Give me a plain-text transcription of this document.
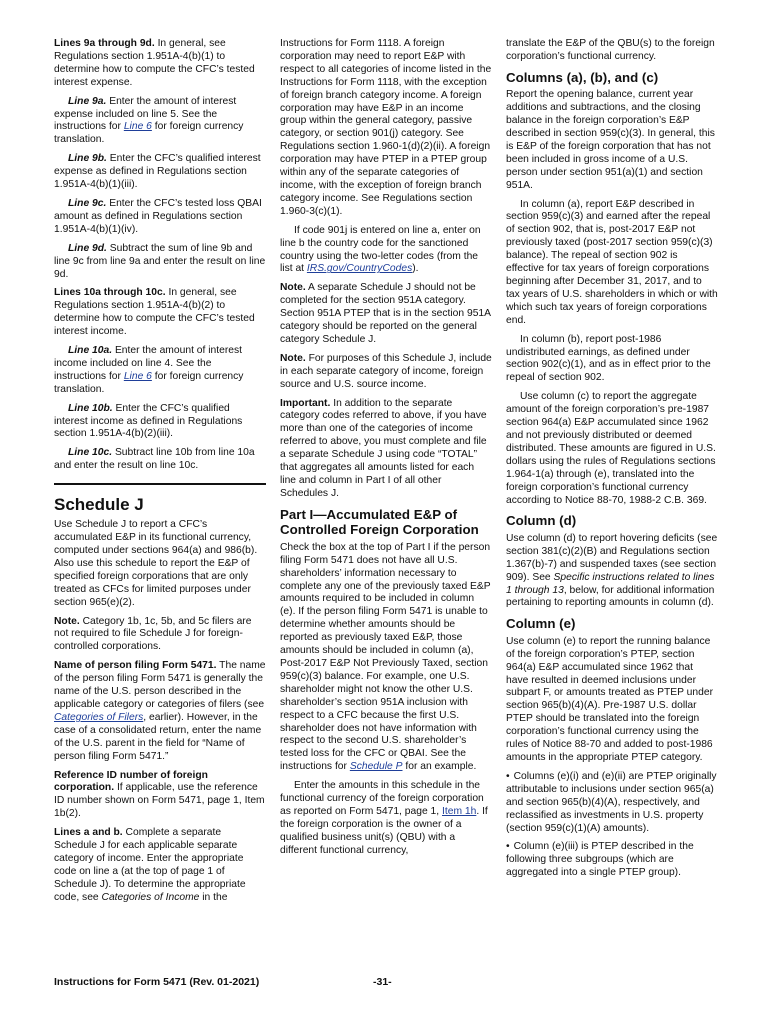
Lines 9a through 9d. In general, see Regulations section 1.951A-4(b)(1) to determine how to compute the CFC’s tested interest expense.

Line 9a. Enter the amount of interest expense included on line 5. See the instructions for Line 6 for foreign currency translation.

Line 9b. Enter the CFC’s qualified interest expense as defined in Regulations section 1.951A-4(b)(1)(iii).

Line 9c. Enter the CFC’s tested loss QBAI amount as defined in Regulations section 1.951A-4(b)(1)(iv).

Line 9d. Subtract the sum of line 9b and line 9c from line 9a and enter the result on line 9d.

Lines 10a through 10c. In general, see Regulations section 1.951A-4(b)(2) to determine how to compute the CFC’s tested interest income.

Line 10a. Enter the amount of interest income included on line 4. See the instructions for Line 6 for foreign currency translation.

Line 10b. Enter the CFC’s qualified interest income as defined in Regulations section 1.951A-4(b)(2)(iii).

Line 10c. Subtract line 10b from line 10a and enter the result on line 10c.

Schedule J

Use Schedule J to report a CFC’s accumulated E&P in its functional currency, computed under sections 964(a) and 986(b). Also use this schedule to report the E&P of specified foreign corporations that are only treated as CFCs for limited purposes under section 965(e)(2).

Note. Category 1b, 1c, 5b, and 5c filers are not required to file Schedule J for foreign-controlled corporations.

Name of person filing Form 5471. The name of the person filing Form 5471 is generally the name of the U.S. person described in the applicable category or categories of filers (see Categories of Filers, earlier). However, in the case of a consolidated return, enter the name of the U.S. parent in the field for “Name of person filing Form 5471.”

Reference ID number of foreign corporation. If applicable, use the reference ID number shown on Form 5471, page 1, Item 1b(2).

Lines a and b. Complete a separate Schedule J for each applicable separate category of income. Enter the appropriate code on line a (at the top of page 1 of Schedule J). To determine the appropriate code, see Categories of Income in the

Instructions for Form 1118. A foreign corporation may need to report E&P with respect to all categories of income listed in the Instructions for Form 1118, with the exception of foreign branch category income. A foreign corporation may have E&P in an income group within the general category, passive category, or section 901(j) category. See Regulations section 1.960-1(d)(2)(ii). A foreign corporation may have PTEP in a PTEP group within any of the separate categories of income, with the exception of foreign branch category income. See Regulations section 1.960-3(c)(1).

If code 901j is entered on line a, enter on line b the country code for the sanctioned country using the two-letter codes (from the list at IRS.gov/CountryCodes).

Note. A separate Schedule J should not be completed for the section 951A category. Section 951A PTEP that is in the section 951A category should be reported on the general category Schedule J.

Note. For purposes of this Schedule J, include in each separate category of income, foreign source and U.S. source income.

Important. In addition to the separate category codes referred to above, if you have more than one of the categories of income referred to above, you must complete and file a separate Schedule J using code “TOTAL” that aggregates all amounts listed for each line and column in Part I of all other Schedules J.

Part I—Accumulated E&P of Controlled Foreign Corporation

Check the box at the top of Part I if the person filing Form 5471 does not have all U.S. shareholders’ information necessary to complete any one of the previously taxed E&P amounts required to be included in column (e). If the person filing Form 5471 is unable to determine whether amounts should be reported as previously taxed E&P, those amounts should be included in column (a), Post-2017 E&P Not Previously Taxed, section 959(c)(3) balance. For example, one U.S. shareholder might not know the other U.S. shareholder’s section 951A inclusion with respect to a CFC because the first U.S. shareholder does not have information with respect to the second U.S. shareholder’s tested loss for the CFC or QBAI. See the instructions for Schedule P for an example.

Enter the amounts in this schedule in the functional currency of the foreign corporation as reported on Form 5471, page 1, Item 1h. If the foreign corporation is the owner of a qualified business unit(s) (QBU) with a different functional currency,

translate the E&P of the QBU(s) to the foreign corporation’s functional currency.

Columns (a), (b), and (c)

Report the opening balance, current year additions and subtractions, and the closing balance in the foreign corporation’s E&P described in section 959(c)(3). In general, this is E&P of the foreign corporation that has not been included in gross income of a U.S. person under section 951(a)(1) and section 951A.

In column (a), report E&P described in section 959(c)(3) and earned after the repeal of section 902, that is, post-2017 E&P not previously taxed (post-2017 section 959(c)(3) balance). The repeal of section 902 is effective for tax years of foreign corporations beginning after December 31, 2017, and to tax years of U.S. shareholders in which or with which such tax years of foreign corporations end.

In column (b), report post-1986 undistributed earnings, as defined under section 902(c)(1), and as in effect prior to the repeal of section 902.

Use column (c) to report the aggregate amount of the foreign corporation’s pre-1987 section 964(a) E&P accumulated since 1962 and not previously distributed or deemed distributed. These amounts are figured in U.S. dollars using the rules of Regulations sections 1.964-1(a) through (e), translated into the foreign corporation’s functional currency according to Notice 88-70, 1988-2 C.B. 369.

Column (d)

Use column (d) to report hovering deficits (see section 381(c)(2)(B) and Regulations section 1.367(b)-7) and suspended taxes (see section 909). See Specific instructions related to lines 1 through 13, below, for additional information pertaining to reporting amounts in column (d).

Column (e)

Use column (e) to report the running balance of the foreign corporation’s PTEP, section 964(a) E&P accumulated since 1962 that have resulted in deemed inclusions under subpart F, or amounts treated as PTEP under section 965(b)(4)(A). Pre-1987 U.S. dollar PTEP should be translated into the foreign corporation’s functional currency using the rules of Notice 88-70 and added to post-1986 amounts in the appropriate PTEP category.

• Columns (e)(i) and (e)(ii) are PTEP originally attributable to inclusions under section 965(a) and section 965(b)(4)(A), respectively, and reclassified as investments in U.S. property (section 959(c)(1)(A) amounts).

• Column (e)(iii) is PTEP described in the following three subgroups (which are aggregated into a single PTEP group).

Instructions for Form 5471 (Rev. 01-2021)	-31-
